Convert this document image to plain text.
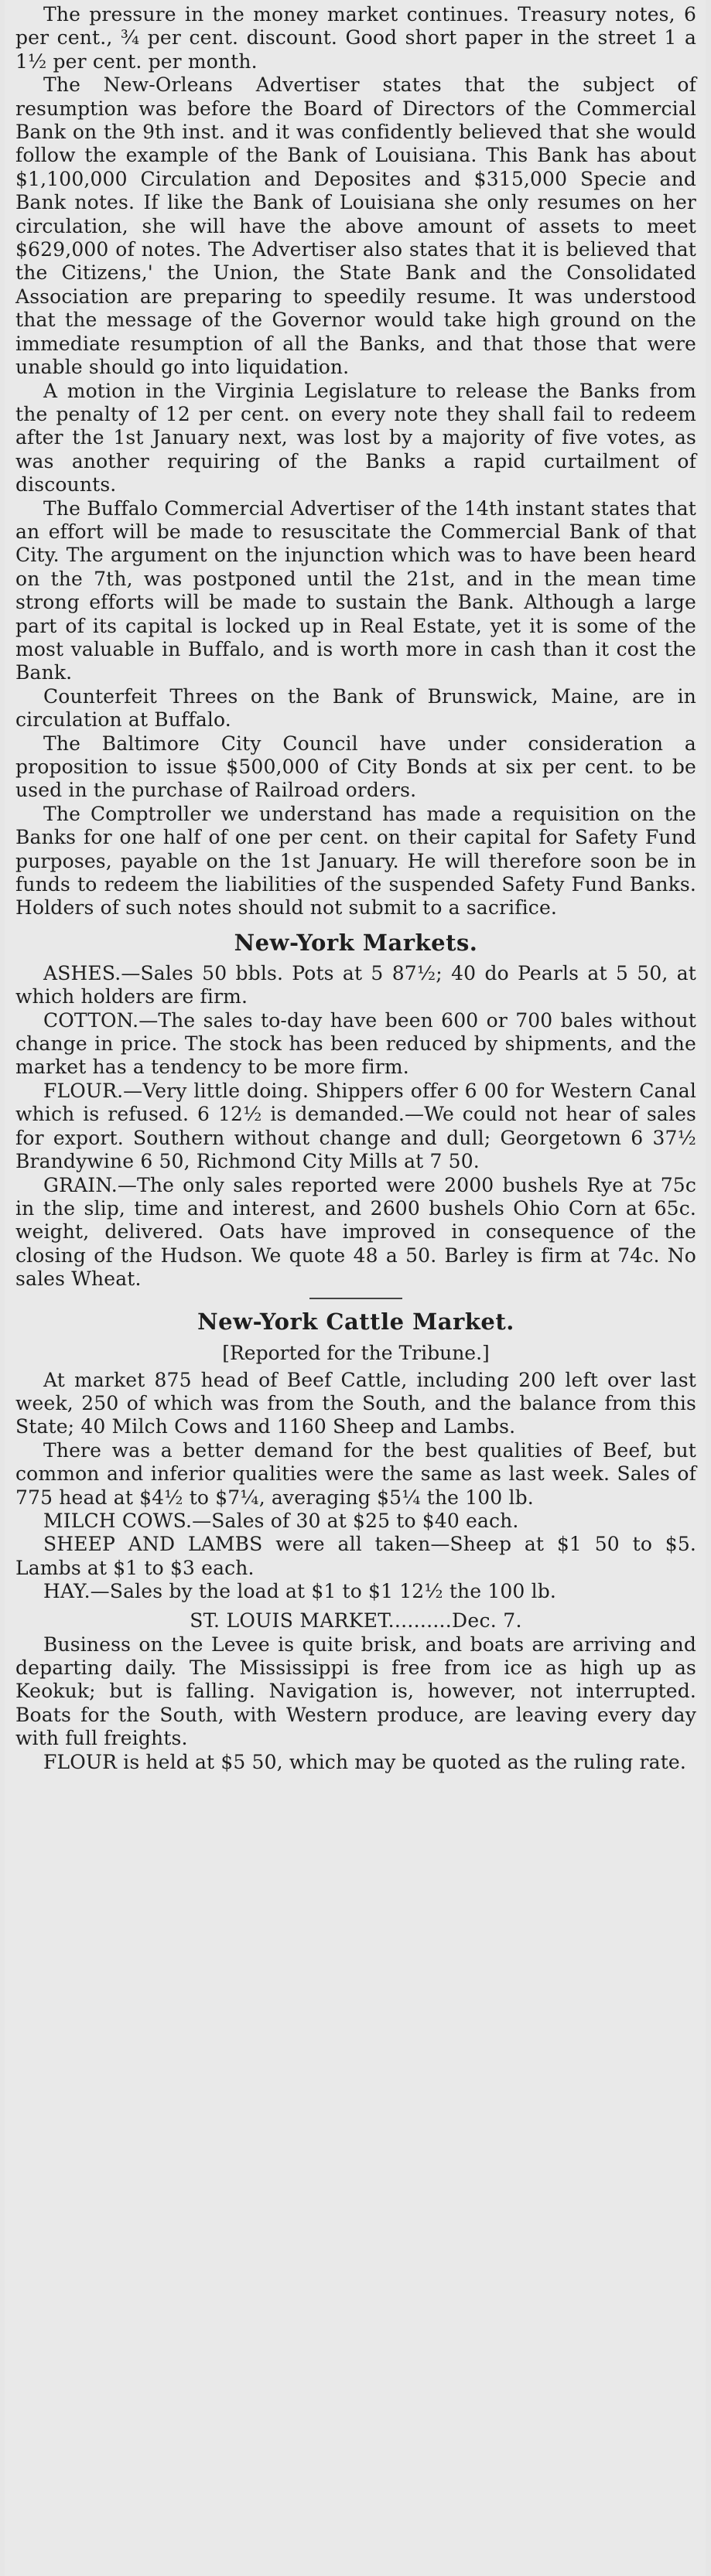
The pressure in the money market continues. Treasury notes, 6 per cent., ¾ per cent. discount. Good short paper in the street 1 a 1½ per cent. per month.

The New-Orleans Advertiser states that the subject of resumption was before the Board of Directors of the Commercial Bank on the 9th inst. and it was confidently believed that she would follow the example of the Bank of Louisiana. This Bank has about $1,100,000 Circulation and Deposites and $315,000 Specie and Bank notes. If like the Bank of Louisiana she only resumes on her circulation, she will have the above amount of assets to meet $629,000 of notes. The Advertiser also states that it is believed that the Citizens,' the Union, the State Bank and the Consolidated Association are preparing to speedily resume. It was understood that the message of the Governor would take high ground on the immediate resumption of all the Banks, and that those that were unable should go into liquidation.

A motion in the Virginia Legislature to release the Banks from the penalty of 12 per cent. on every note they shall fail to redeem after the 1st January next, was lost by a majority of five votes, as was another requiring of the Banks a rapid curtailment of discounts.

The Buffalo Commercial Advertiser of the 14th instant states that an effort will be made to resuscitate the Commercial Bank of that City. The argument on the injunction which was to have been heard on the 7th, was postponed until the 21st, and in the mean time strong efforts will be made to sustain the Bank. Although a large part of its capital is locked up in Real Estate, yet it is some of the most valuable in Buffalo, and is worth more in cash than it cost the Bank.

Counterfeit Threes on the Bank of Brunswick, Maine, are in circulation at Buffalo.

The Baltimore City Council have under consideration a proposition to issue $500,000 of City Bonds at six per cent. to be used in the purchase of Railroad orders.

The Comptroller we understand has made a requisition on the Banks for one half of one per cent. on their capital for Safety Fund purposes, payable on the 1st January. He will therefore soon be in funds to redeem the liabilities of the suspended Safety Fund Banks. Holders of such notes should not submit to a sacrifice.

New-York Markets.

ASHES.—Sales 50 bbls. Pots at 5 87½; 40 do Pearls at 5 50, at which holders are firm.

COTTON.—The sales to-day have been 600 or 700 bales without change in price. The stock has been reduced by shipments, and the market has a tendency to be more firm.

FLOUR.—Very little doing. Shippers offer 6 00 for Western Canal which is refused. 6 12½ is demanded.—We could not hear of sales for export. Southern without change and dull; Georgetown 6 37½ Brandywine 6 50, Richmond City Mills at 7 50.

GRAIN.—The only sales reported were 2000 bushels Rye at 75c in the slip, time and interest, and 2600 bushels Ohio Corn at 65c. weight, delivered. Oats have improved in consequence of the closing of the Hudson. We quote 48 a 50. Barley is firm at 74c. No sales Wheat.

New-York Cattle Market.
[Reported for the Tribune.]

At market 875 head of Beef Cattle, including 200 left over last week, 250 of which was from the South, and the balance from this State; 40 Milch Cows and 1160 Sheep and Lambs.

There was a better demand for the best qualities of Beef, but common and inferior qualities were the same as last week. Sales of 775 head at $4½ to $7¼, averaging $5¼ the 100 lb.

MILCH COWS.—Sales of 30 at $25 to $40 each.

SHEEP AND LAMBS were all taken—Sheep at $1 50 to $5. Lambs at $1 to $3 each.

HAY.—Sales by the load at $1 to $1 12½ the 100 lb.

ST. LOUIS MARKET..........Dec. 7.

Business on the Levee is quite brisk, and boats are arriving and departing daily. The Mississippi is free from ice as high up as Keokuk; but is falling. Navigation is, however, not interrupted. Boats for the South, with Western produce, are leaving every day with full freights.

FLOUR is held at $5 50, which may be quoted as the ruling rate.
